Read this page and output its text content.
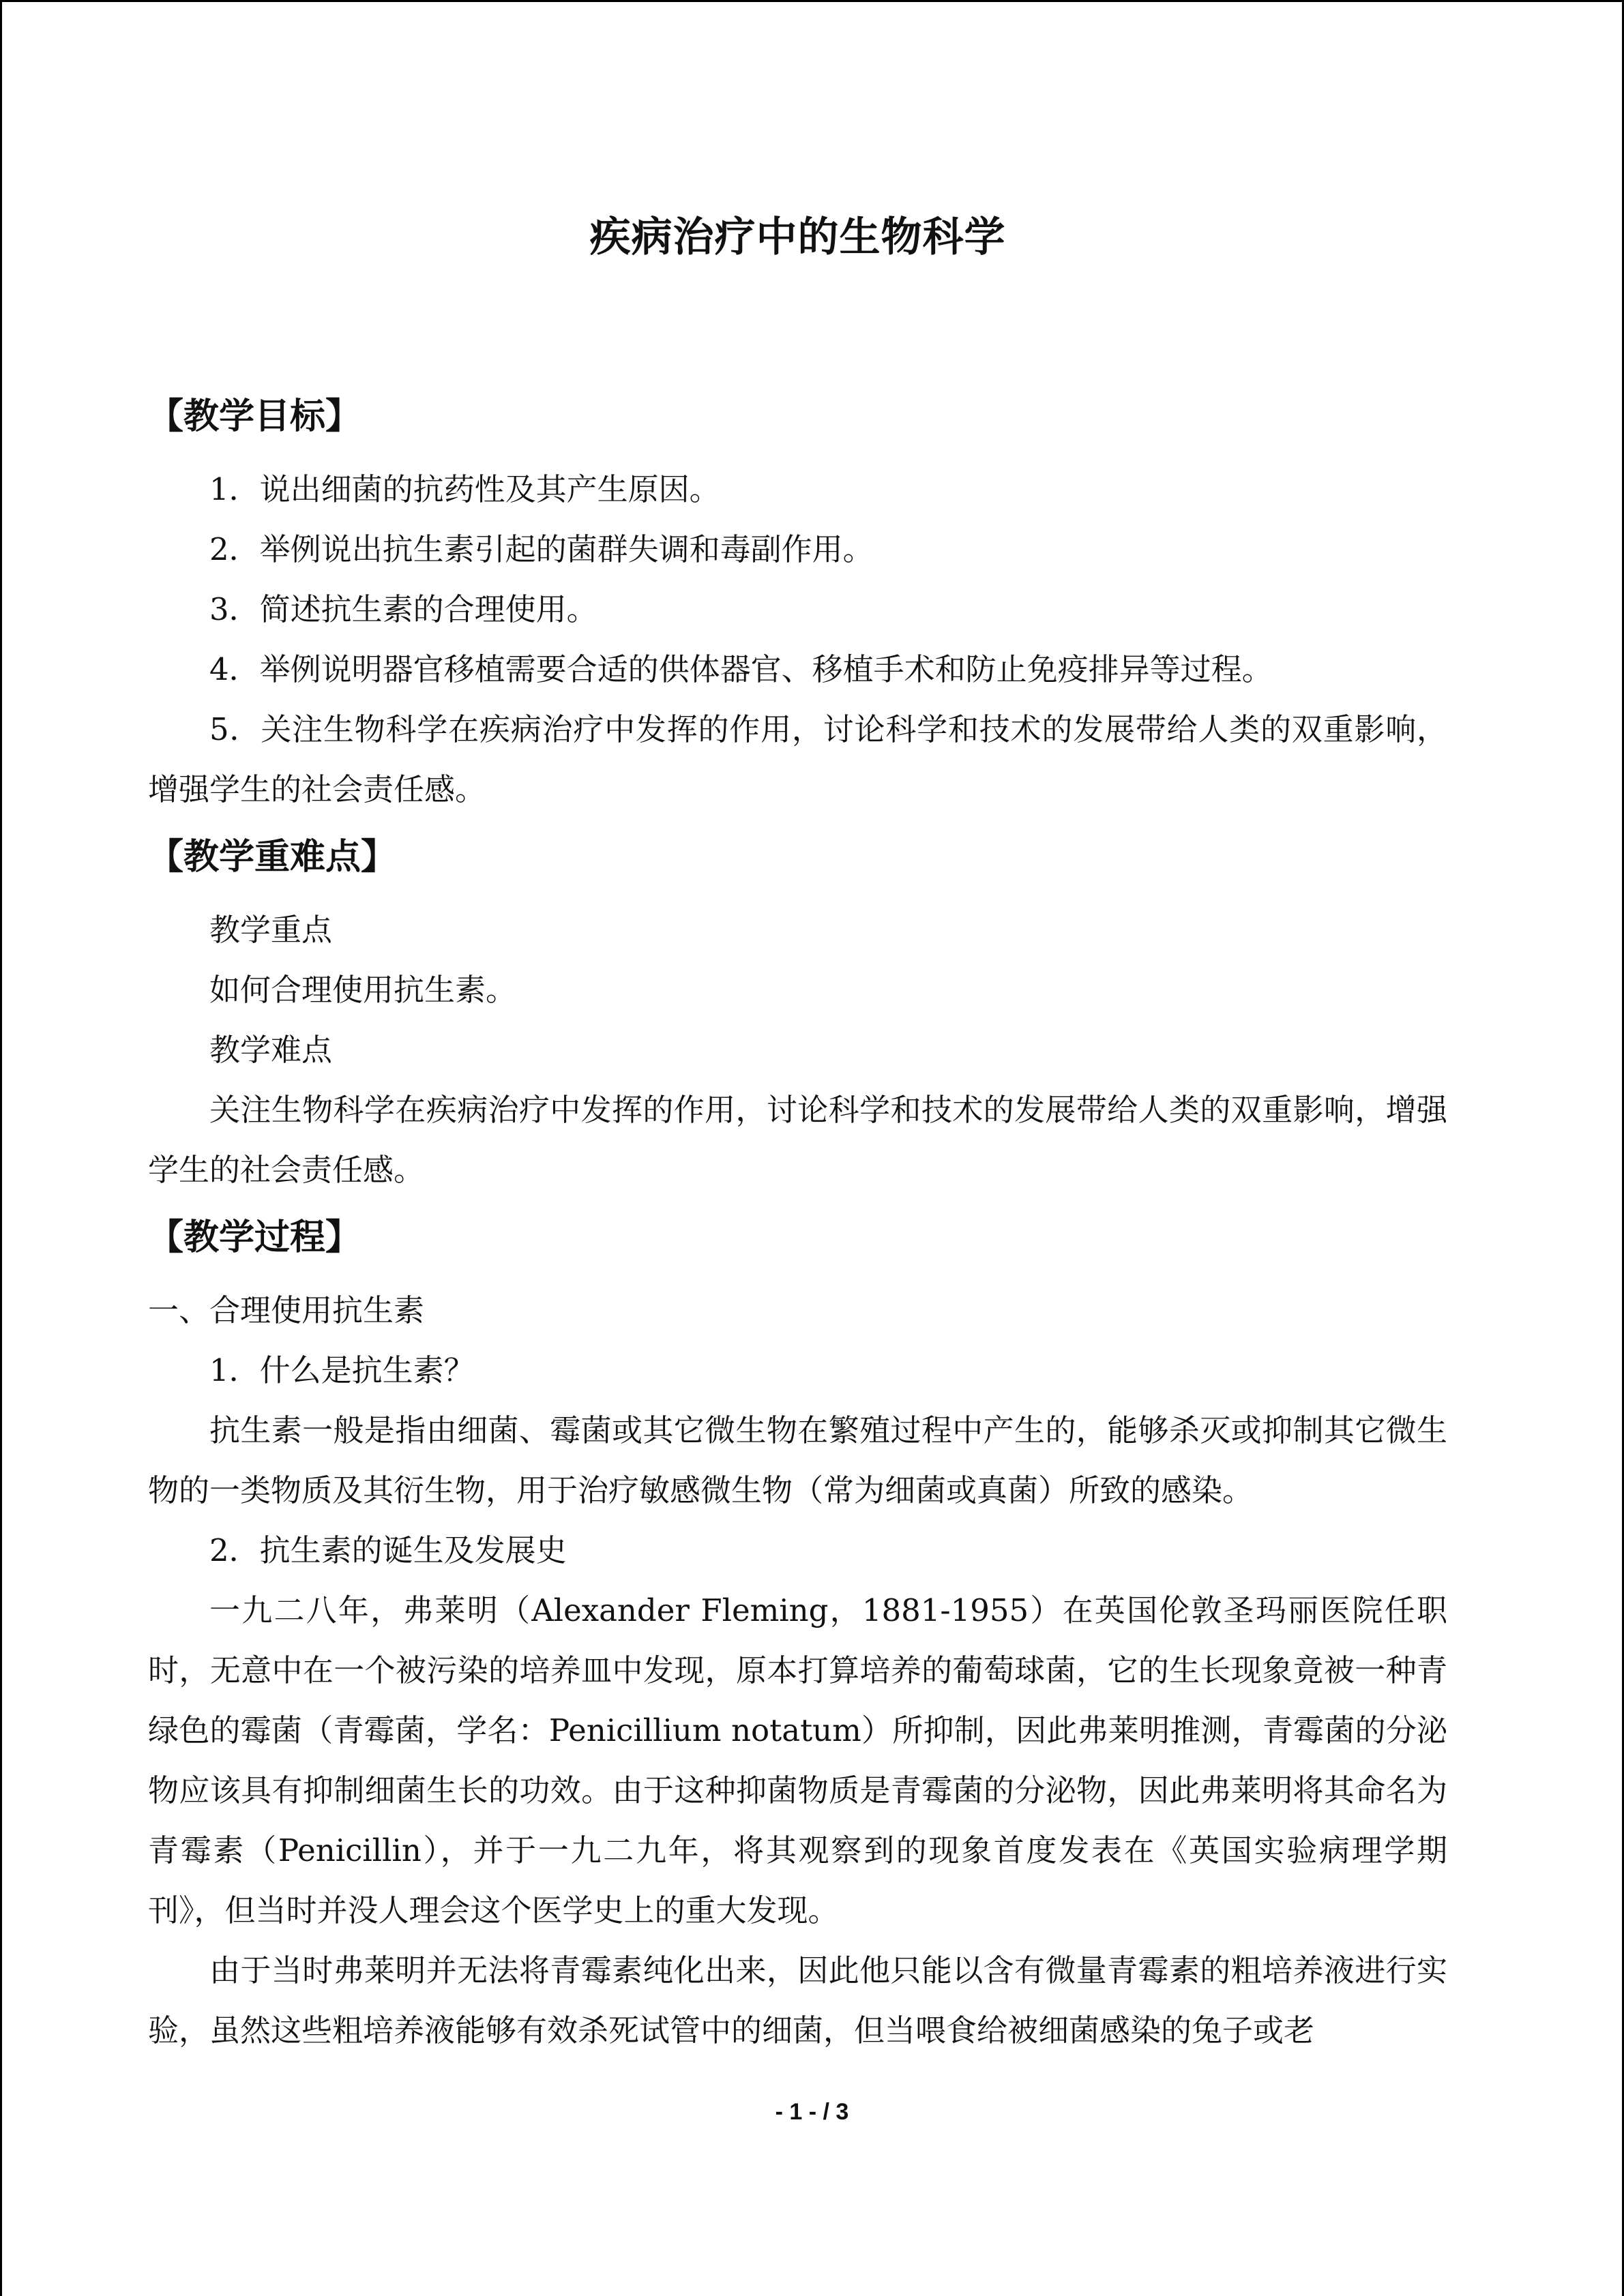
疾病治疗中的生物科学
【教学目标】

1．说出细菌的抗药性及其产生原因。

2．举例说出抗生素引起的菌群失调和毒副作用。

3．简述抗生素的合理使用。

4．举例说明器官移植需要合适的供体器官、移植手术和防止免疫排异等过程。

5．关注生物科学在疾病治疗中发挥的作用，讨论科学和技术的发展带给人类的双重影响，增强学生的社会责任感。

【教学重难点】

教学重点

如何合理使用抗生素。

教学难点

关注生物科学在疾病治疗中发挥的作用，讨论科学和技术的发展带给人类的双重影响，增强学生的社会责任感。

【教学过程】

一、合理使用抗生素

1．什么是抗生素？

抗生素一般是指由细菌、霉菌或其它微生物在繁殖过程中产生的，能够杀灭或抑制其它微生物的一类物质及其衍生物，用于治疗敏感微生物（常为细菌或真菌）所致的感染。

2．抗生素的诞生及发展史

一九二八年，弗莱明（Alexander Fleming，1881-1955）在英国伦敦圣玛丽医院任职时，无意中在一个被污染的培养皿中发现，原本打算培养的葡萄球菌，它的生长现象竟被一种青绿色的霉菌（青霉菌，学名：Penicillium notatum）所抑制，因此弗莱明推测，青霉菌的分泌物应该具有抑制细菌生长的功效。由于这种抑菌物质是青霉菌的分泌物，因此弗莱明将其命名为青霉素（Penicillin），并于一九二九年，将其观察到的现象首度发表在《英国实验病理学期刊》，但当时并没人理会这个医学史上的重大发现。

由于当时弗莱明并无法将青霉素纯化出来，因此他只能以含有微量青霉素的粗培养液进行实验，虽然这些粗培养液能够有效杀死试管中的细菌，但当喂食给被细菌感染的兔子或老

- 1 - / 3
